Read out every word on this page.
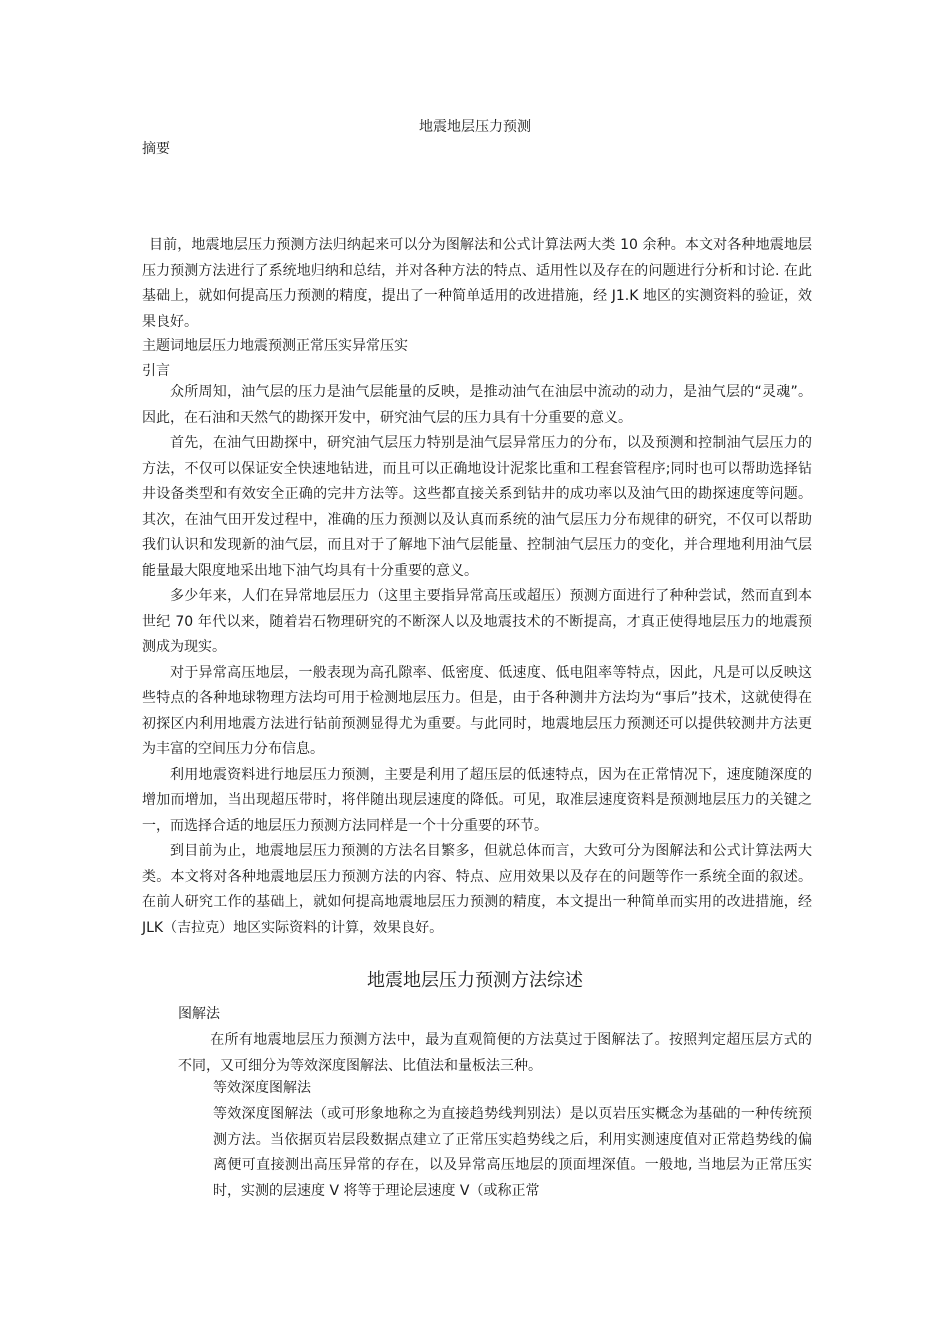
地震地层压力预测
摘要

目前，地震地层压力预测方法归纳起来可以分为图解法和公式计算法两大类 10 余种。本文对各种地震地层压力预测方法进行了系统地归纳和总结，并对各种方法的特点、适用性以及存在的问题进行分析和讨论. 在此基础上，就如何提高压力预测的精度，提出了一种简单适用的改进措施，经 J1.K 地区的实测资料的验证，效果良好。

主题词地层压力地震预测正常压实异常压实
引言

众所周知，油气层的压力是油气层能量的反映，是推动油气在油层中流动的动力，是油气层的“灵魂”。因此，在石油和天然气的勘探开发中，研究油气层的压力具有十分重要的意义。

首先，在油气田勘探中，研究油气层压力特别是油气层异常压力的分布，以及预测和控制油气层压力的方法，不仅可以保证安全快速地钻进，而且可以正确地设计泥浆比重和工程套管程序;同时也可以帮助选择钻井设备类型和有效安全正确的完井方法等。这些都直接关系到钻井的成功率以及油气田的勘探速度等问题。其次，在油气田开发过程中，准确的压力预测以及认真而系统的油气层压力分布规律的研究，不仅可以帮助我们认识和发现新的油气层，而且对于了解地下油气层能量、控制油气层压力的变化，并合理地利用油气层能量最大限度地采出地下油气均具有十分重要的意义。

多少年来，人们在异常地层压力（这里主要指异常高压或超压）预测方面进行了种种尝试，然而直到本世纪 70 年代以来，随着岩石物理研究的不断深人以及地震技术的不断提高，才真正使得地层压力的地震预测成为现实。

对于异常高压地层，一般表现为高孔隙率、低密度、低速度、低电阻率等特点，因此，凡是可以反映这些特点的各种地球物理方法均可用于检测地层压力。但是，由于各种测井方法均为“事后”技术，这就使得在初探区内利用地震方法进行钻前预测显得尤为重要。与此同时，地震地层压力预测还可以提供较测井方法更为丰富的空间压力分布信息。

利用地震资料进行地层压力预测，主要是利用了超压层的低速特点，因为在正常情况下，速度随深度的增加而增加，当出现超压带时，将伴随出现层速度的降低。可见，取准层速度资料是预测地层压力的关键之一，而选择合适的地层压力预测方法同样是一个十分重要的环节。

到目前为止，地震地层压力预测的方法名目繁多，但就总体而言，大致可分为图解法和公式计算法两大类。本文将对各种地震地层压力预测方法的内容、特点、应用效果以及存在的问题等作一系统全面的叙述。在前人研究工作的基础上，就如何提高地震地层压力预测的精度，本文提出一种简单而实用的改进措施，经 JLK（吉拉克）地区实际资料的计算，效果良好。

地震地层压力预测方法综述
图解法

在所有地震地层压力预测方法中，最为直观简便的方法莫过于图解法了。按照判定超压层方式的不同，又可细分为等效深度图解法、比值法和量板法三种。

等效深度图解法

等效深度图解法（或可形象地称之为直接趋势线判别法）是以页岩压实概念为基础的一种传统预测方法。当依据页岩层段数据点建立了正常压实趋势线之后，利用实测速度值对正常趋势线的偏离便可直接测出高压异常的存在，以及异常高压地层的顶面埋深值。一般地, 当地层为正常压实时，实测的层速度 V 将等于理论层速度 V（或称正常
